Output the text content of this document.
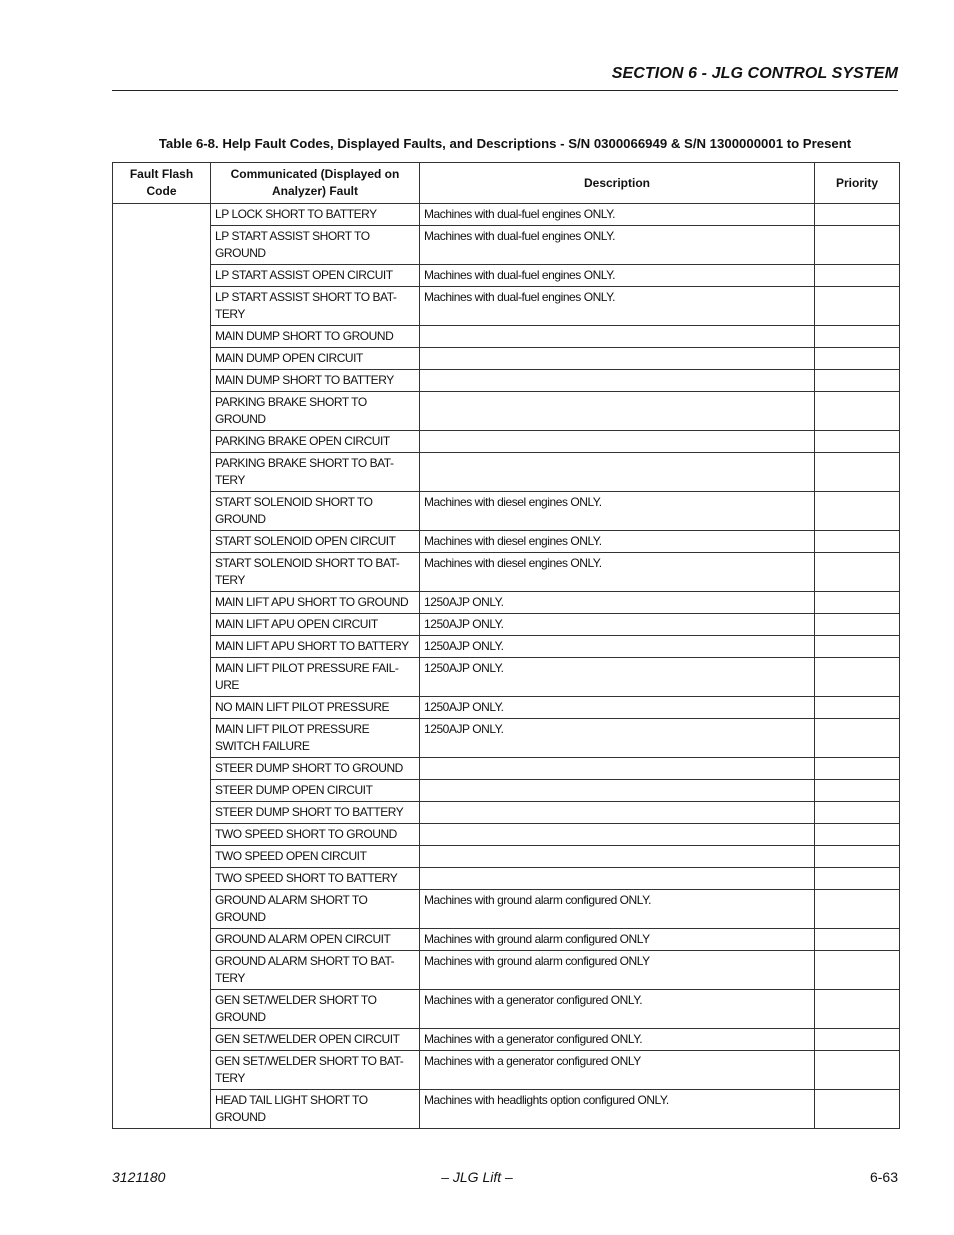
SECTION 6 - JLG CONTROL SYSTEM
Table 6-8. Help Fault Codes, Displayed Faults, and Descriptions - S/N 0300066949 & S/N 1300000001 to Present
Fault Flash Code	Communicated (Displayed on Analyzer) Fault	Description	Priority
	LP LOCK SHORT TO BATTERY	Machines with dual-fuel engines ONLY.	
	LP START ASSIST SHORT TO GROUND	Machines with dual-fuel engines ONLY.	
	LP START ASSIST OPEN CIRCUIT	Machines with dual-fuel engines ONLY.	
	LP START ASSIST SHORT TO BAT-TERY	Machines with dual-fuel engines ONLY.	
	MAIN DUMP SHORT TO GROUND		
	MAIN DUMP OPEN CIRCUIT		
	MAIN DUMP SHORT TO BATTERY		
	PARKING BRAKE SHORT TO GROUND		
	PARKING BRAKE OPEN CIRCUIT		
	PARKING BRAKE SHORT TO BAT-TERY		
	START SOLENOID SHORT TO GROUND	Machines with diesel engines ONLY.	
	START SOLENOID OPEN CIRCUIT	Machines with diesel engines ONLY.	
	START SOLENOID SHORT TO BAT-TERY	Machines with diesel engines ONLY.	
	MAIN LIFT APU SHORT TO GROUND	1250AJP ONLY.	
	MAIN LIFT APU OPEN CIRCUIT	1250AJP ONLY.	
	MAIN LIFT APU SHORT TO BATTERY	1250AJP ONLY.	
	MAIN LIFT PILOT PRESSURE FAIL-URE	1250AJP ONLY.	
	NO MAIN LIFT PILOT PRESSURE	1250AJP ONLY.	
	MAIN LIFT PILOT PRESSURE SWITCH FAILURE	1250AJP ONLY.	
	STEER DUMP SHORT TO GROUND		
	STEER DUMP OPEN CIRCUIT		
	STEER DUMP SHORT TO BATTERY		
	TWO SPEED SHORT TO GROUND		
	TWO SPEED OPEN CIRCUIT		
	TWO SPEED SHORT TO BATTERY		
	GROUND ALARM SHORT TO GROUND	Machines with ground alarm configured ONLY.	
	GROUND ALARM OPEN CIRCUIT	Machines with ground alarm configured ONLY	
	GROUND ALARM SHORT TO BAT-TERY	Machines with ground alarm configured ONLY	
	GEN SET/WELDER SHORT TO GROUND	Machines with a generator configured ONLY.	
	GEN SET/WELDER OPEN CIRCUIT	Machines with a generator configured ONLY.	
	GEN SET/WELDER SHORT TO BAT-TERY	Machines with a generator configured ONLY	
	HEAD TAIL LIGHT SHORT TO GROUND	Machines with headlights option configured ONLY.	
3121180	– JLG Lift –	6-63
